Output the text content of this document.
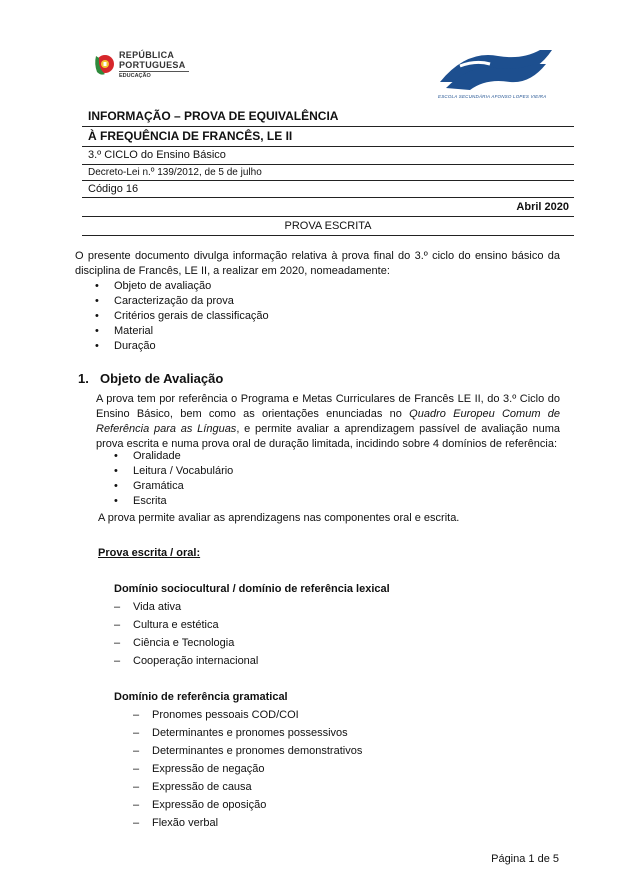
REPÚBLICA
PORTUGUESA
EDUCAÇÃO
ESCOLA SECUNDÁRIA AFONSO LOPES VIEIRA
INFORMAÇÃO – PROVA DE EQUIVALÊNCIA
À FREQUÊNCIA DE FRANCÊS, LE II
3.º CICLO do Ensino Básico
Decreto-Lei n.º 139/2012, de 5 de julho
Código 16
Abril 2020
PROVA ESCRITA
O presente documento divulga informação relativa à prova final do 3.º ciclo do ensino básico da disciplina de Francês, LE II, a realizar em 2020, nomeadamente:
• Objeto de avaliação
• Caracterização da prova
• Critérios gerais de classificação
• Material
• Duração
1. Objeto de Avaliação
A prova tem por referência o Programa e Metas Curriculares de Francês LE II, do 3.º Ciclo do Ensino Básico, bem como as orientações enunciadas no Quadro Europeu Comum de Referência para as Línguas, e permite avaliar a aprendizagem passível de avaliação numa prova escrita e numa prova oral de duração limitada, incidindo sobre 4 domínios de referência:
• Oralidade
• Leitura / Vocabulário
• Gramática
• Escrita
A prova permite avaliar as aprendizagens nas componentes oral e escrita.
Prova escrita / oral:
Domínio sociocultural / domínio de referência lexical
– Vida ativa
– Cultura e estética
– Ciência e Tecnologia
– Cooperação internacional
Domínio de referência gramatical
– Pronomes pessoais COD/COI
– Determinantes e pronomes possessivos
– Determinantes e pronomes demonstrativos
– Expressão de negação
– Expressão de causa
– Expressão de oposição
– Flexão verbal
Página 1 de 5
